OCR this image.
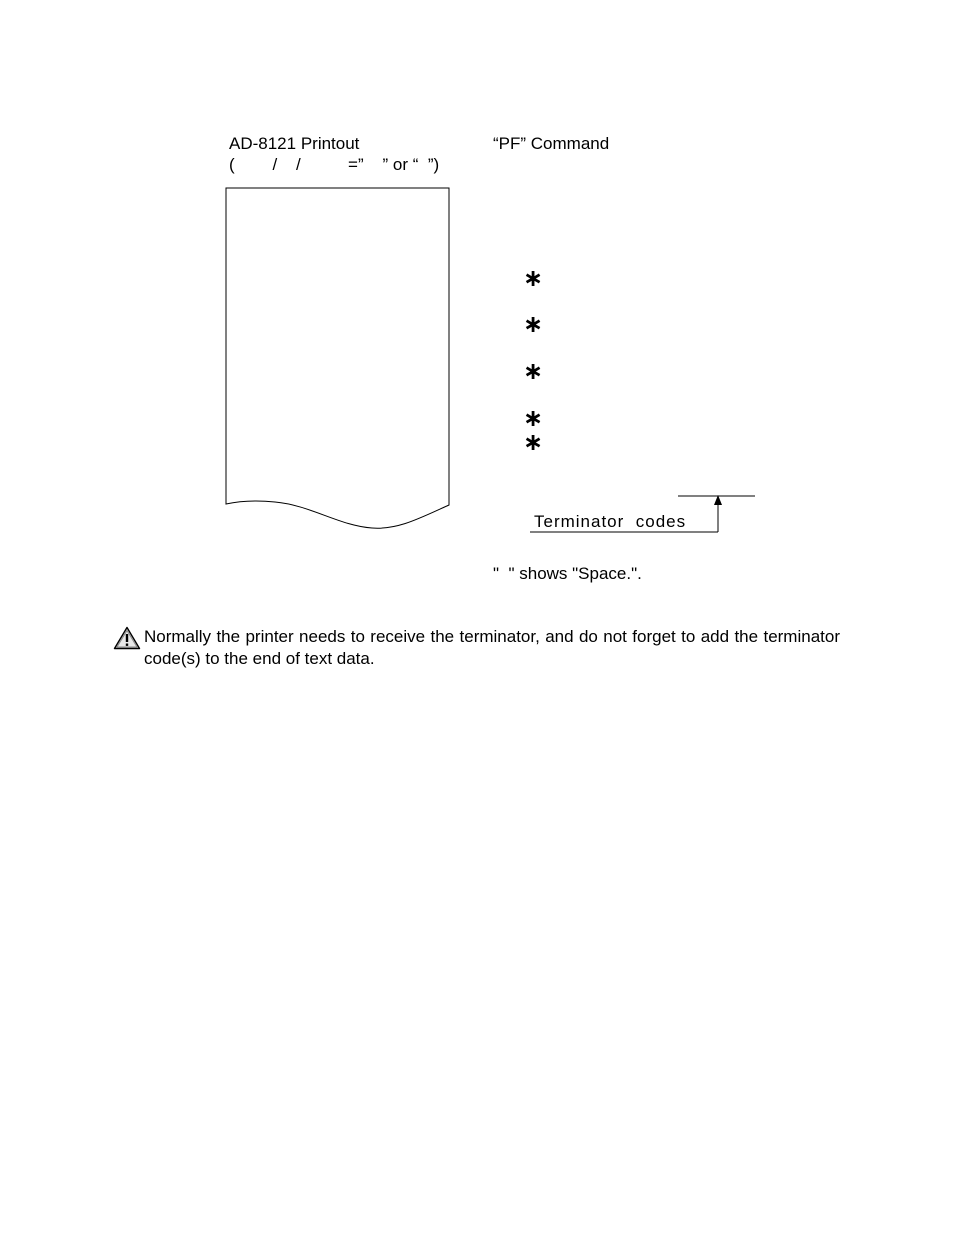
AD-8121 Printout
(        /    /          =”    ” or “  ”)
“PF” Command
∗
∗
∗
∗
∗
Terminator  codes
"  " shows "Space.".
Normally the printer needs to receive the terminator, and do not forget to add the terminator code(s) to the end of text data.
